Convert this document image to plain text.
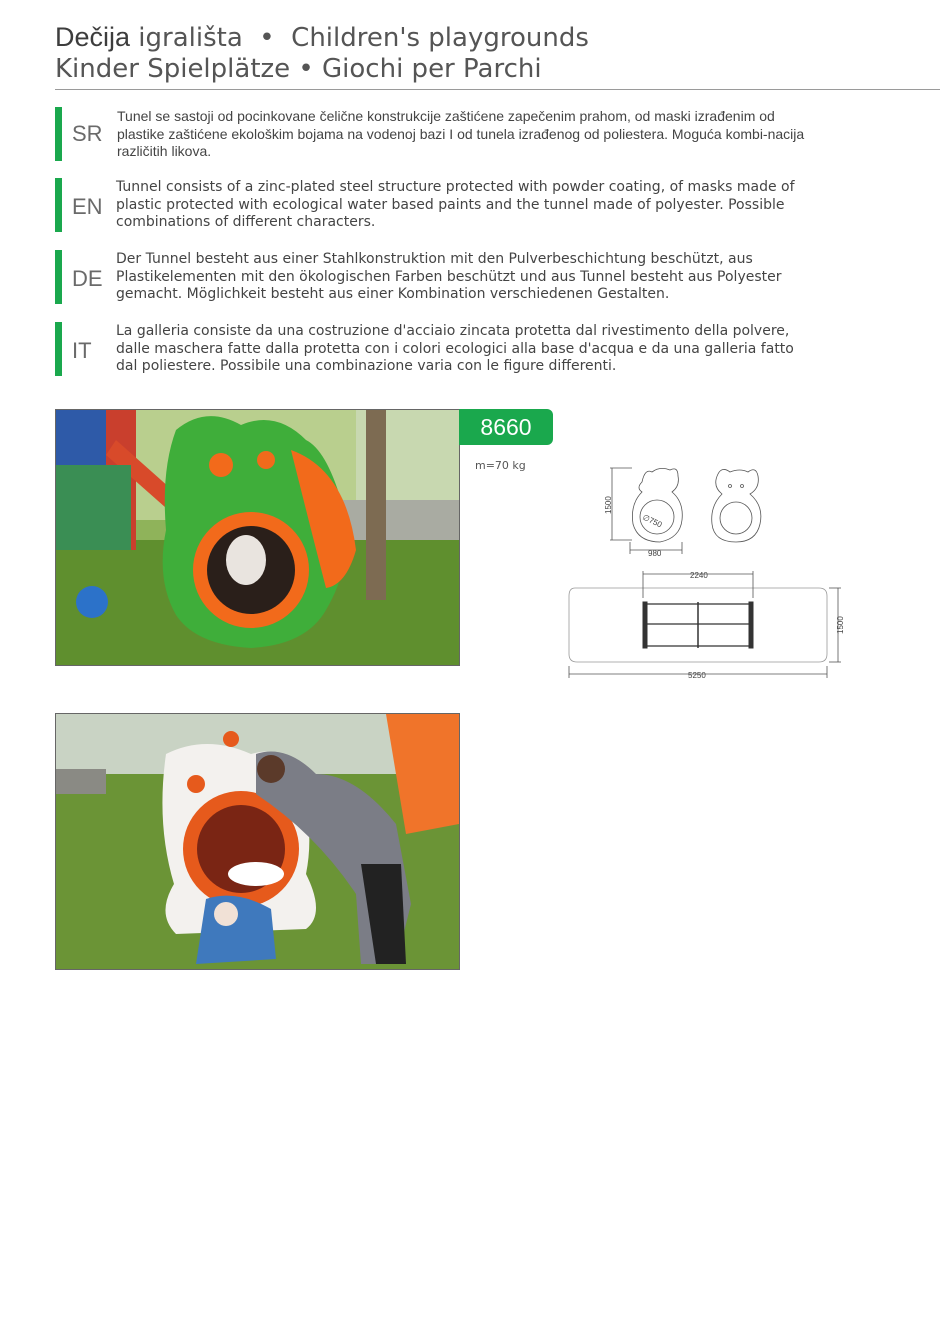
Dečija igrališta  •  Children's playgrounds
Kinder Spielplätze • Giochi per Parchi
SR
Tunel se sastoji od pocinkovane čelične konstrukcije zaštićene zapečenim prahom, od maski izrađenim od plastike zaštićene ekološkim bojama na vodenoj bazi I od tunela izrađenog od poliestera. Moguća kombi-nacija različitih likova.
EN
Tunnel consists of a zinc-plated steel structure protected with powder coating, of masks made of plastic protected with ecological water based paints and the tunnel made of polyester. Possible combinations of different characters.
DE
Der Tunnel besteht aus einer Stahlkonstruktion mit den Pulverbeschichtung beschützt, aus Plastikelementen mit den ökologischen Farben beschützt und aus Tunnel besteht aus Polyester gemacht. Möglichkeit besteht aus einer Kombination verschiedenen Gestalten.
IT
La galleria consiste da una costruzione d'acciaio zincata protetta dal rivestimento della polvere, dalle maschera fatte dalla protetta con i colori ecologici alla base d'acqua e da una galleria fatto dal poliestere. Possibile una combinazione varia con le figure differenti.
8660
m=70 kg
1500
980
∅750
2240
1500
5250
